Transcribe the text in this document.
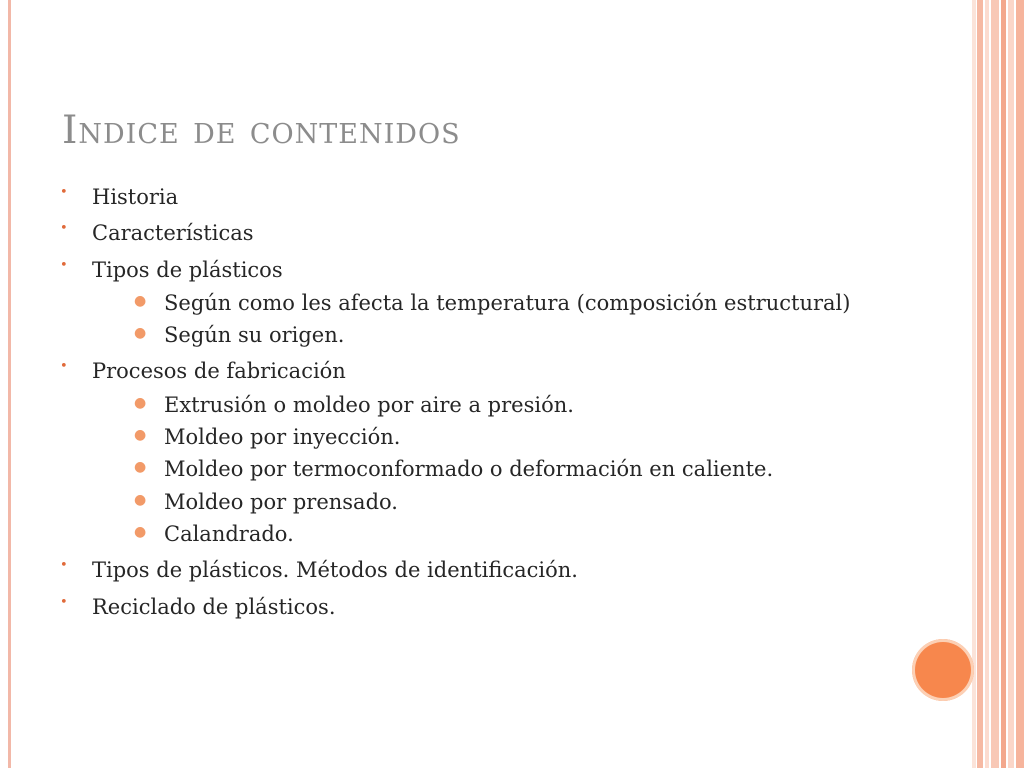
Indice de contenidos
• Historia
• Características
• Tipos de plásticos
● Según como les afecta la temperatura (composición estructural)
● Según su origen.
• Procesos de fabricación
● Extrusión o moldeo por aire a presión.
● Moldeo por inyección.
● Moldeo por termoconformado o deformación en caliente.
● Moldeo por prensado.
● Calandrado.
• Tipos de plásticos. Métodos de identificación.
• Reciclado de plásticos.
